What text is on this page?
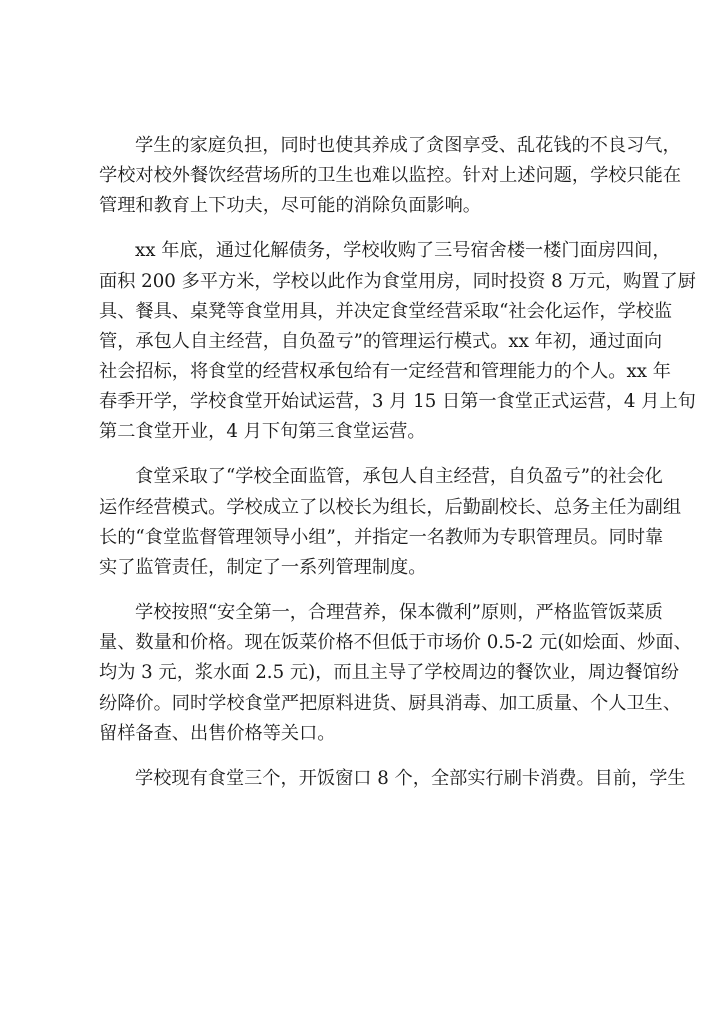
学生的家庭负担，同时也使其养成了贪图享受、乱花钱的不良习气，
学校对校外餐饮经营场所的卫生也难以监控。针对上述问题，学校只能在
管理和教育上下功夫，尽可能的消除负面影响。
xx 年底，通过化解债务，学校收购了三号宿舍楼一楼门面房四间，
面积 200 多平方米，学校以此作为食堂用房，同时投资 8 万元，购置了厨
具、餐具、桌凳等食堂用具，并决定食堂经营采取“社会化运作，学校监
管，承包人自主经营，自负盈亏”的管理运行模式。xx 年初，通过面向
社会招标，将食堂的经营权承包给有一定经营和管理能力的个人。xx 年
春季开学，学校食堂开始试运营，3 月 15 日第一食堂正式运营，4 月上旬
第二食堂开业，4 月下旬第三食堂运营。
食堂采取了“学校全面监管，承包人自主经营，自负盈亏”的社会化
运作经营模式。学校成立了以校长为组长，后勤副校长、总务主任为副组
长的“食堂监督管理领导小组”，并指定一名教师为专职管理员。同时靠
实了监管责任，制定了一系列管理制度。
学校按照“安全第一，合理营养，保本微利”原则，严格监管饭菜质
量、数量和价格。现在饭菜价格不但低于市场价 0.5-2 元(如烩面、炒面、
均为 3 元，浆水面 2.5 元)，而且主导了学校周边的餐饮业，周边餐馆纷
纷降价。同时学校食堂严把原料进货、厨具消毒、加工质量、个人卫生、
留样备查、出售价格等关口。
学校现有食堂三个，开饭窗口 8 个，全部实行刷卡消费。目前，学生
